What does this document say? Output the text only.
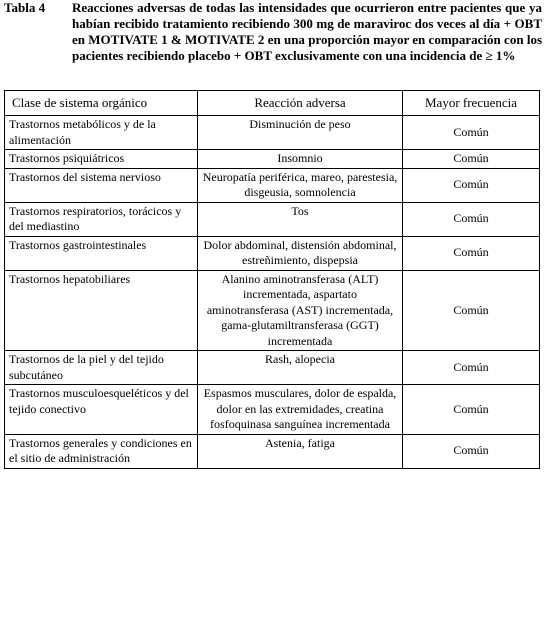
Tabla 4	Reacciones adversas de todas las intensidades que ocurrieron entre pacientes que ya habían recibido tratamiento recibiendo 300 mg de maraviroc dos veces al día + OBT en MOTIVATE 1 & MOTIVATE 2 en una proporción mayor en comparación con los pacientes recibiendo placebo + OBT exclusivamente con una incidencia de ≥ 1%
Clase de sistema orgánico	Reacción adversa	Mayor frecuencia
Trastornos metabólicos y de la alimentación	Disminución de peso	Común
Trastornos psiquiátricos	Insomnio	Común
Trastornos del sistema nervioso	Neuropatía periférica, mareo, parestesia, disgeusia, somnolencia	Común
Trastornos respiratorios, torácicos y del mediastino	Tos	Común
Trastornos gastrointestinales	Dolor abdominal, distensión abdominal, estreñimiento, dispepsia	Común
Trastornos hepatobiliares	Alanino aminotransferasa (ALT) incrementada, aspartato aminotransferasa (AST) incrementada, gama-glutamiltransferasa (GGT) incrementada	Común
Trastornos de la piel y del tejido subcutáneo	Rash, alopecia	Común
Trastornos musculoesqueléticos y del tejido conectivo	Espasmos musculares, dolor de espalda, dolor en las extremidades, creatina fosfoquinasa sanguínea incrementada	Común
Trastornos generales y condiciones en el sitio de administración	Astenia, fatiga	Común
